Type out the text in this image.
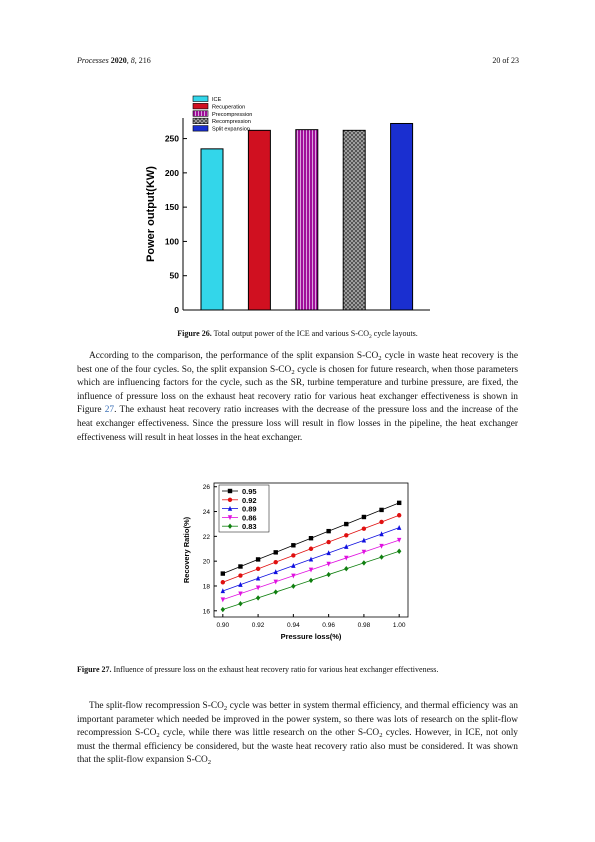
Processes 2020, 8, 216	20 of 23
0
50
100
150
200
250
Power output(KW)
ICE
Recuperation
Precompression
Recompression
Split expansion
Figure 26. Total output power of the ICE and various $S-CO_2$ cycle layouts.

According to the comparison, the performance of the split expansion $S-CO_2$ cycle in waste heat recovery is the best one of the four cycles. So, the split expansion $S-CO_2$ cycle is chosen for future research, when those parameters which are influencing factors for the cycle, such as the SR, turbine temperature and turbine pressure, are fixed, the influence of pressure loss on the exhaust heat recovery ratio for various heat exchanger effectiveness is shown in Figure 27. The exhaust heat recovery ratio increases with the decrease of the pressure loss and the increase of the heat exchanger effectiveness. Since the pressure loss will result in flow losses in the pipeline, the heat exchanger effectiveness will result in heat losses in the heat exchanger.

16
18
20
22
24
26
0.90	0.92	0.94	0.96	0.98	1.00
Pressure loss(%)
Recovery Ratio(%)
0.95
0.92
0.89
0.86
0.83
Figure 27. Influence of pressure loss on the exhaust heat recovery ratio for various heat exchanger effectiveness.

The split-flow recompression $S-CO_2$ cycle was better in system thermal efficiency, and thermal efficiency was an important parameter which needed be improved in the power system, so there was lots of research on the split-flow recompression $S-CO_2$ cycle, while there was little research on the other $S-CO_2$ cycles. However, in ICE, not only must the thermal efficiency be considered, but the waste heat recovery ratio also must be considered. It was shown that the split-flow expansion $S-CO_2$
